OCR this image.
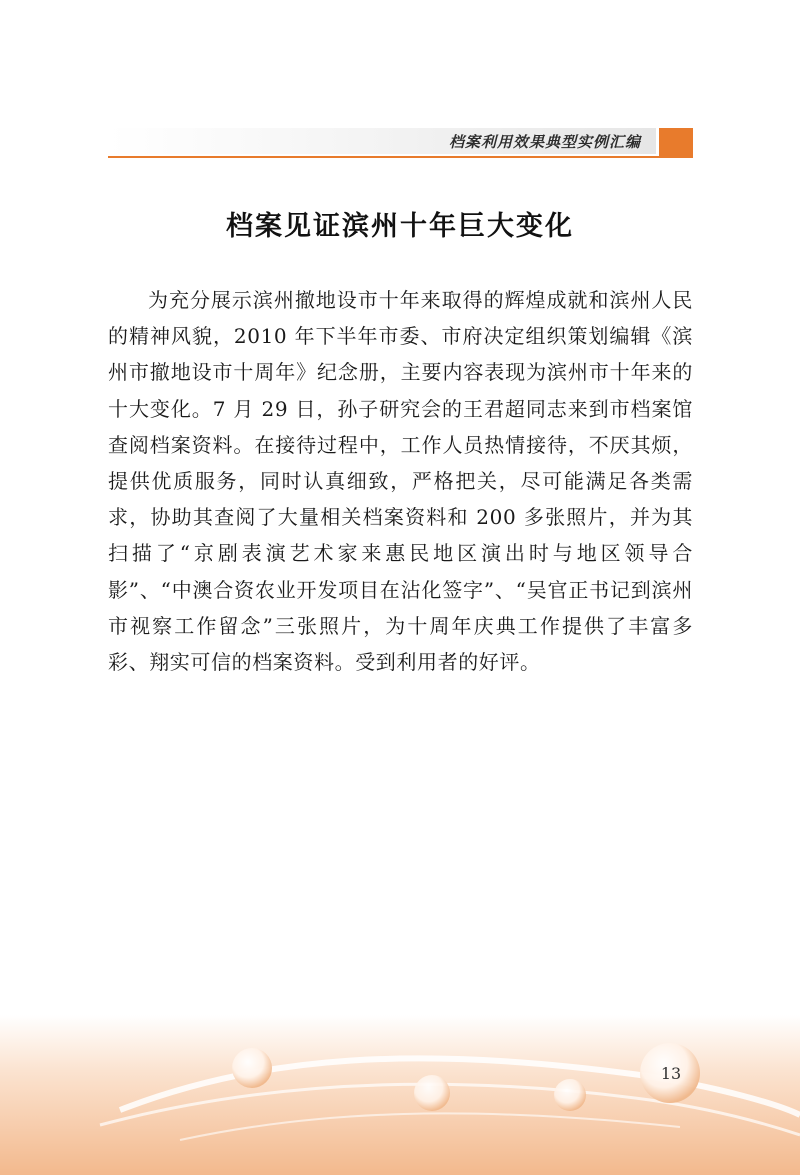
档案利用效果典型实例汇编
档案见证滨州十年巨大变化

为充分展示滨州撤地设市十年来取得的辉煌成就和滨州人民的精神风貌，2010 年下半年市委、市府决定组织策划编辑《滨州市撤地设市十周年》纪念册，主要内容表现为滨州市十年来的十大变化。7 月 29 日，孙子研究会的王君超同志来到市档案馆查阅档案资料。在接待过程中，工作人员热情接待，不厌其烦，提供优质服务，同时认真细致，严格把关，尽可能满足各类需求，协助其查阅了大量相关档案资料和 200 多张照片，并为其扫描了“京剧表演艺术家来惠民地区演出时与地区领导合影”、“中澳合资农业开发项目在沾化签字”、“吴官正书记到滨州市视察工作留念”三张照片，为十周年庆典工作提供了丰富多彩、翔实可信的档案资料。受到利用者的好评。

13
